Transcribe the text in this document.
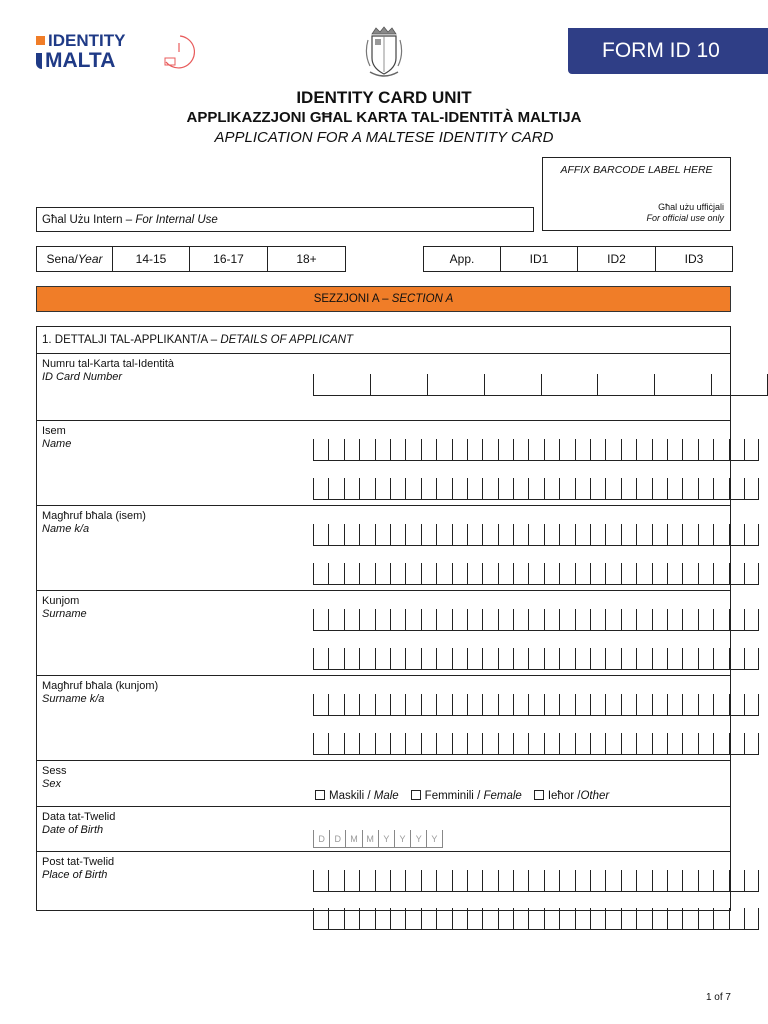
IDENTITY
MALTA	FORM ID 10
IDENTITY CARD UNIT
APPLIKAZZJONI GĦAL KARTA TAL-IDENTITÀ MALTIJA
APPLICATION FOR A MALTESE IDENTITY CARD
AFFIX BARCODE LABEL HERE
Għal użu uffiċjali
For official use only
Għal Użu Intern – For Internal Use
Sena/Year	14-15	16-17	18+	App.	ID1	ID2	ID3
SEZZJONI A – SECTION A
1. DETTALJI TAL-APPLIKANT/A – DETAILS OF APPLICANT
Numru tal-Karta tal-Identità
ID Card Number
Isem
Name
Magħruf bħala (isem)
Name k/a
Kunjom
Surname
Magħruf bħala (kunjom)
Surname k/a
Sess
Sex
Maskili / Male	Femminili / Female	Ieħor /Other
Data tat-Twelid
Date of Birth
D	D	M M	Y	Y	Y	Y
Post tat-Twelid
Place of Birth
1 of 7
